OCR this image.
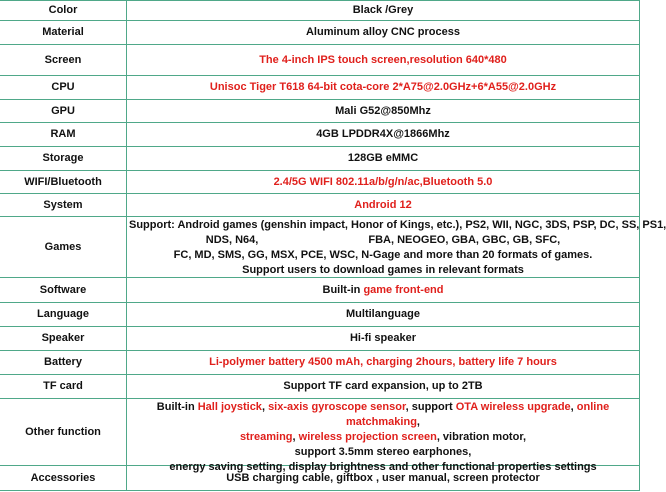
Color	Black /Grey

Material	Aluminum alloy CNC process

Screen	The 4-inch IPS touch screen,resolution 640*480

CPU	Unisoc Tiger T618 64-bit cota-core 2*A75@2.0GHz+6*A55@2.0GHz

GPU	Mali G52@850Mhz

RAM	4GB LPDDR4X@1866Mhz

Storage	128GB eMMC

WIFI/Bluetooth	2.4/5G WIFI 802.11a/b/g/n/ac,Bluetooth 5.0

System	Android 12

Games	Support: Android games (genshin impact, Honor of Kings, etc.), PS2, WII, NGC, 3DS, PSP, DC, SS, PS1,
NDS, N64,                                    FBA, NEOGEO, GBA, GBC, GB, SFC,
FC, MD, SMS, GG, MSX, PCE, WSC, N-Gage and more than 20 formats of games.
Support users to download games in relevant formats

Software	Built-in game front-end

Language	Multilanguage

Speaker	Hi-fi speaker

Battery	Li-polymer battery 4500 mAh, charging 2hours, battery life 7 hours

TF card	Support TF card expansion, up to 2TB

Other function	Built-in Hall joystick, six-axis gyroscope sensor, support OTA wireless upgrade, online matchmaking,
streaming, wireless projection screen, vibration motor,
support 3.5mm stereo earphones,
energy saving setting, display brightness and other functional properties settings

Accessories	USB charging cable, giftbox , user manual, screen protector
